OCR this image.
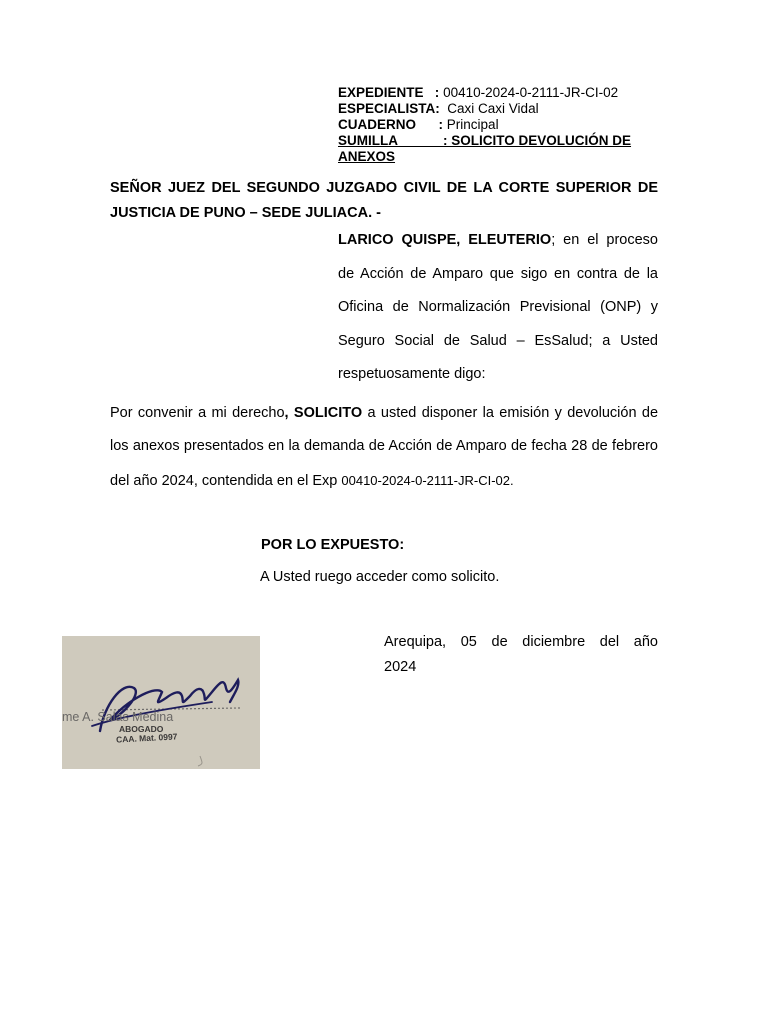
EXPEDIENTE : 00410-2024-0-2111-JR-CI-02
ESPECIALISTA: Caxi Caxi Vidal
CUADERNO : Principal
SUMILLA	: SOLICITO DEVOLUCIÓN DE
ANEXOS
SEÑOR JUEZ DEL SEGUNDO JUZGADO CIVIL DE LA CORTE SUPERIOR DE JUSTICIA DE PUNO – SEDE JULIACA. -
LARICO QUISPE, ELEUTERIO; en el proceso de Acción de Amparo que sigo en contra de la Oficina de Normalización Previsional (ONP) y Seguro Social de Salud – EsSalud; a Usted respetuosamente digo:
Por convenir a mi derecho, SOLICITO a usted disponer la emisión y devolución de los anexos presentados en la demanda de Acción de Amparo de fecha 28 de febrero del año 2024, contendida en el Exp 00410-2024-0-2111-JR-CI-02.
POR LO EXPUESTO:
A Usted ruego acceder como solicito.
Arequipa, 05 de diciembre del año
2024
me A. Salas Medina
ABOGADO
CAA. Mat. 0997
